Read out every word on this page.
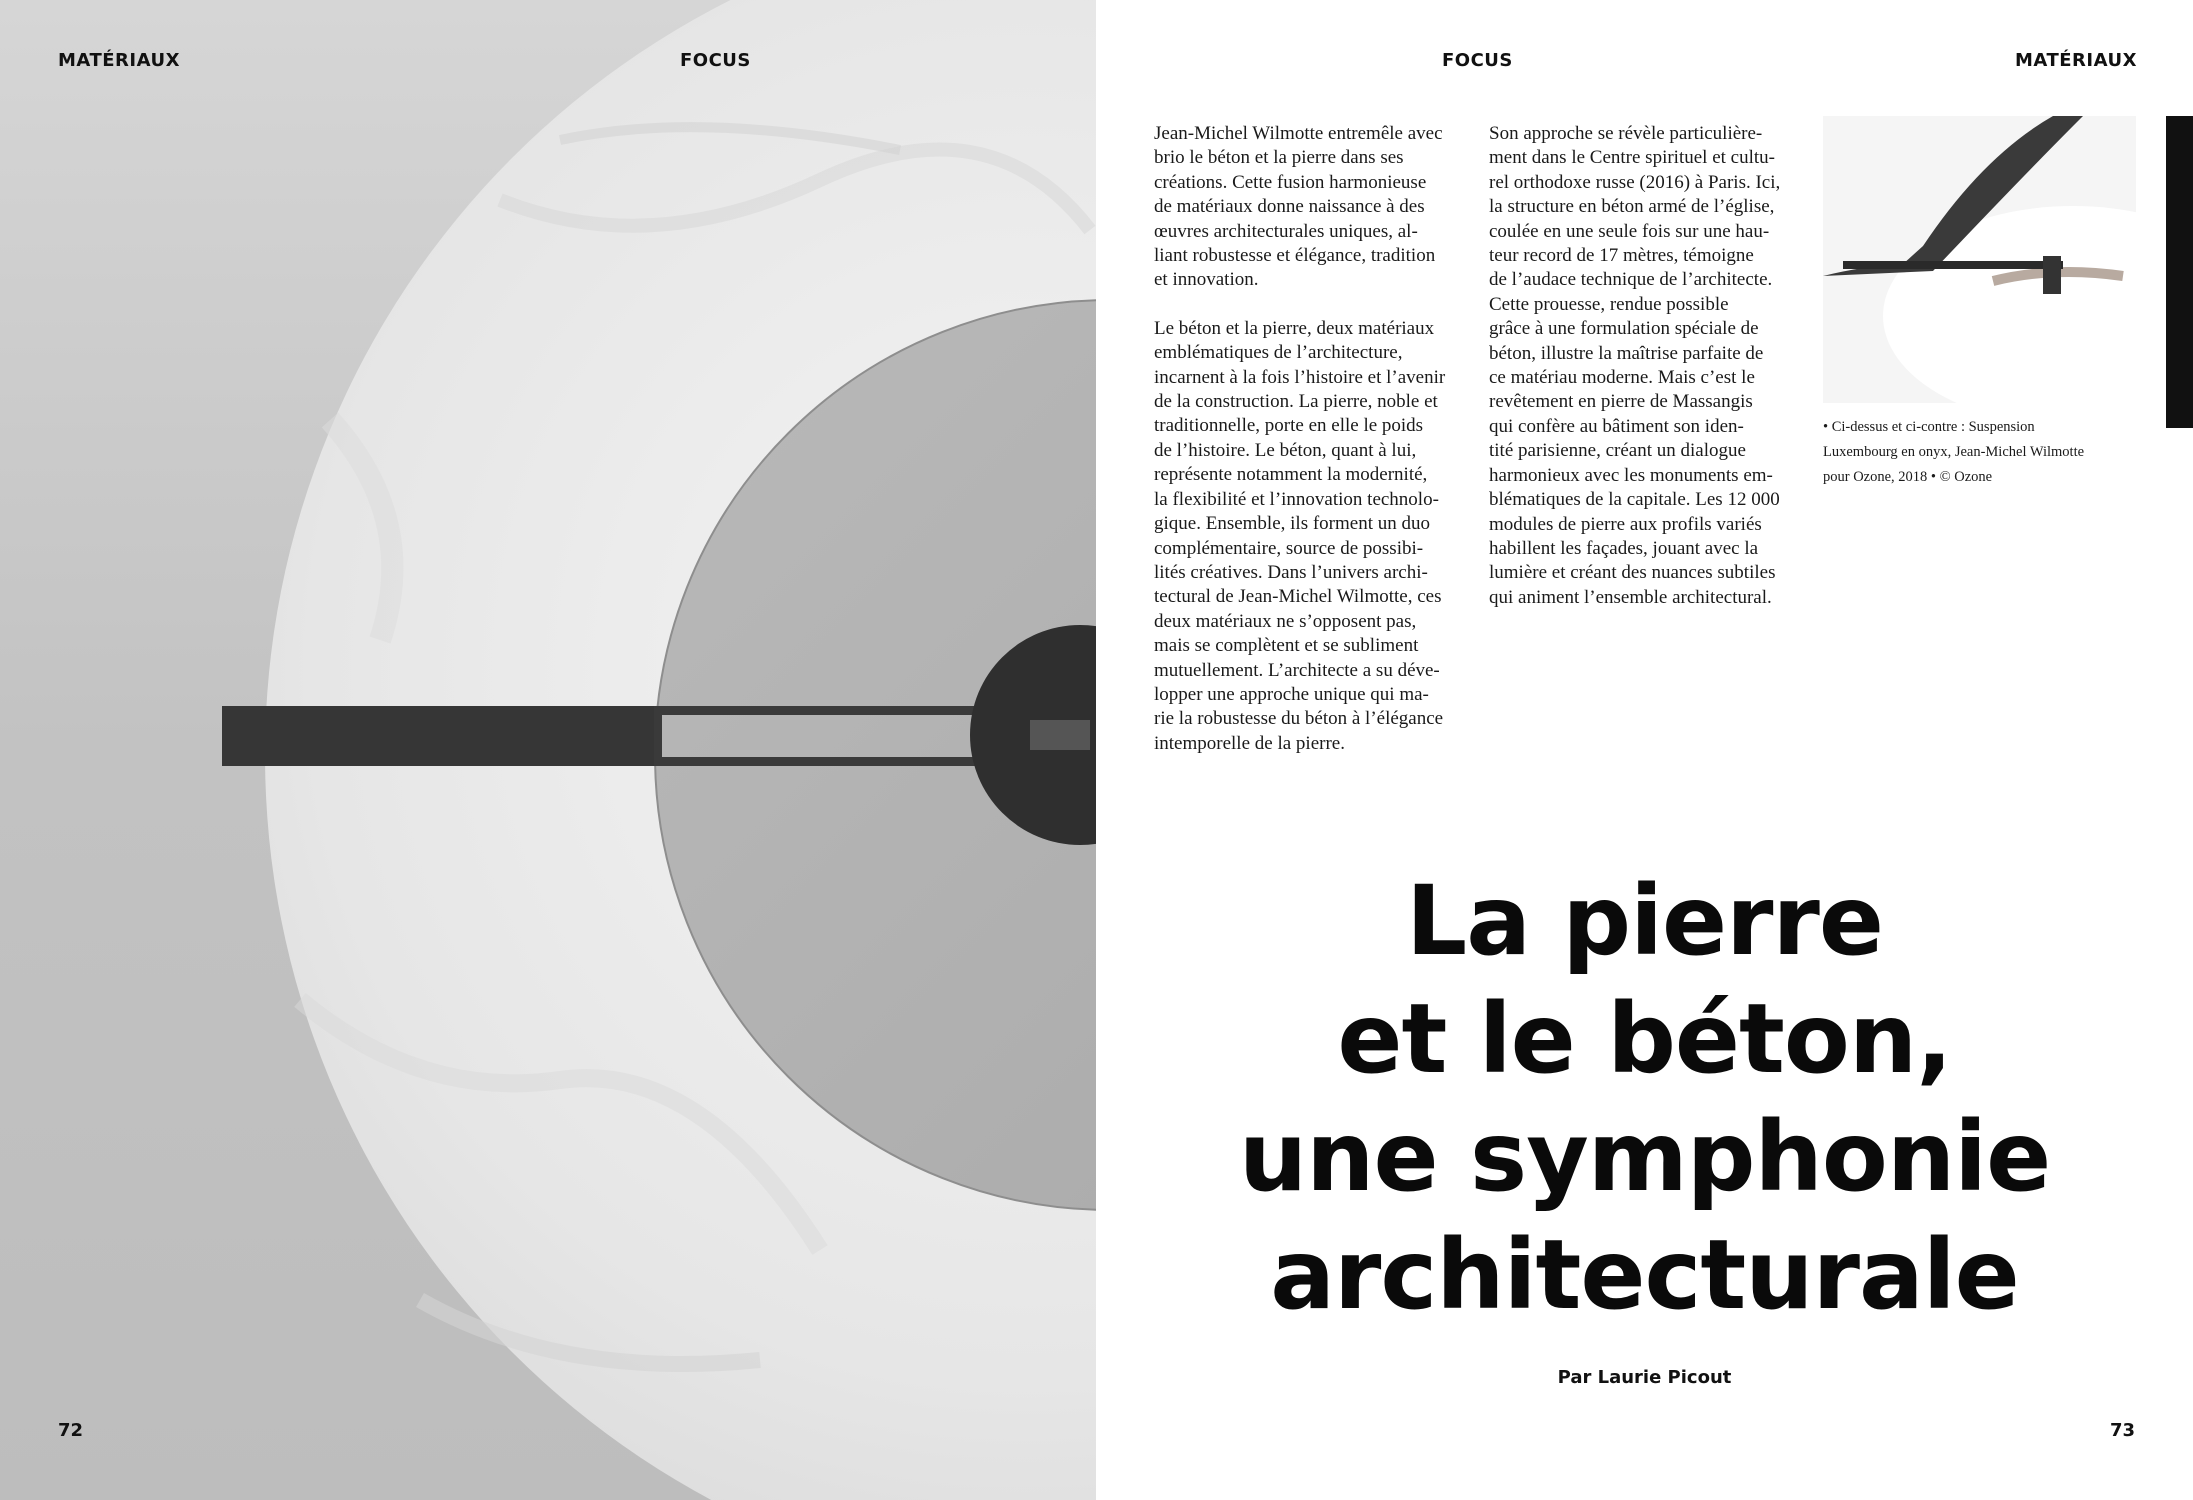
MATÉRIAUX	FOCUS
72
FOCUS	MATÉRIAUX

Jean-Michel Wilmotte entremêle avec
brio le béton et la pierre dans ses
créations. Cette fusion harmonieuse
de matériaux donne naissance à des
œuvres architecturales uniques, al-
liant robustesse et élégance, tradition
et innovation.

Le béton et la pierre, deux matériaux
emblématiques de l’architecture,
incarnent à la fois l’histoire et l’avenir
de la construction. La pierre, noble et
traditionnelle, porte en elle le poids
de l’histoire. Le béton, quant à lui,
représente notamment la modernité,
la flexibilité et l’innovation technolo-
gique. Ensemble, ils forment un duo
complémentaire, source de possibi-
lités créatives. Dans l’univers archi-
tectural de Jean-Michel Wilmotte, ces
deux matériaux ne s’opposent pas,
mais se complètent et se subliment
mutuellement. L’architecte a su déve-
lopper une approche unique qui ma-
rie la robustesse du béton à l’élégance
intemporelle de la pierre.

Son approche se révèle particulière-
ment dans le Centre spirituel et cultu-
rel orthodoxe russe (2016) à Paris. Ici,
la structure en béton armé de l’église,
coulée en une seule fois sur une hau-
teur record de 17 mètres, témoigne
de l’audace technique de l’architecte.
Cette prouesse, rendue possible
grâce à une formulation spéciale de
béton, illustre la maîtrise parfaite de
ce matériau moderne. Mais c’est le
revêtement en pierre de Massangis
qui confère au bâtiment son iden-
tité parisienne, créant un dialogue
harmonieux avec les monuments em-
blématiques de la capitale. Les 12 000
modules de pierre aux profils variés
habillent les façades, jouant avec la
lumière et créant des nuances subtiles
qui animent l’ensemble architectural.

• Ci-dessus et ci-contre : Suspension
Luxembourg en onyx, Jean-Michel Wilmotte
pour Ozone, 2018 • © Ozone
La pierre
et le béton,
une symphonie
architecturale
Par Laurie Picout
73
